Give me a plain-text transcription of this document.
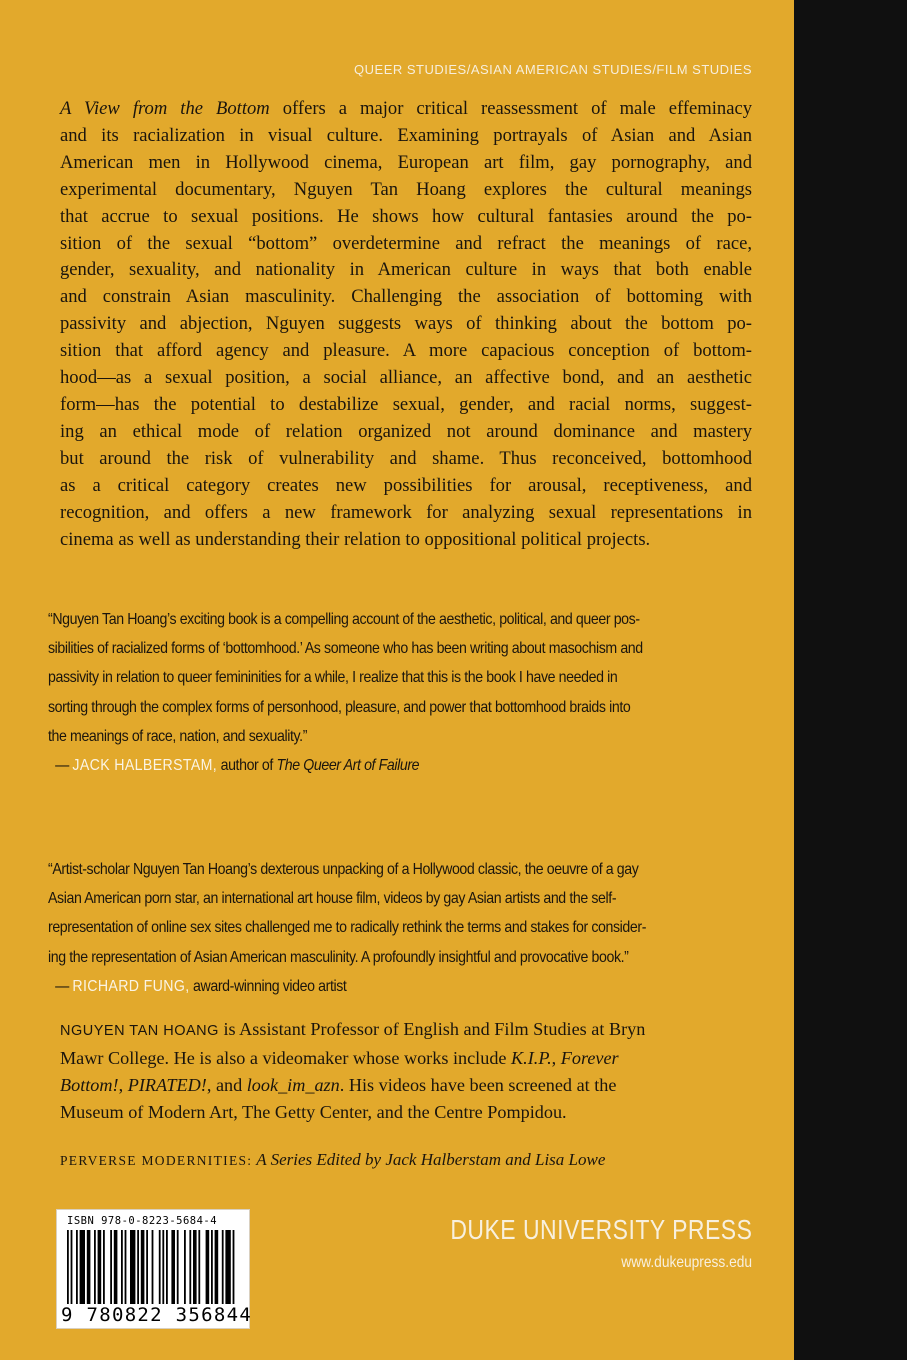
QUEER STUDIES/ASIAN AMERICAN STUDIES/FILM STUDIES
A View from the Bottom offers a major critical reassessment of male effeminacy
and its racialization in visual culture. Examining portrayals of Asian and Asian
American men in Hollywood cinema, European art film, gay pornography, and
experimental documentary, Nguyen Tan Hoang explores the cultural meanings
that accrue to sexual positions. He shows how cultural fantasies around the po-
sition of the sexual “bottom” overdetermine and refract the meanings of race,
gender, sexuality, and nationality in American culture in ways that both enable
and constrain Asian masculinity. Challenging the association of bottoming with
passivity and abjection, Nguyen suggests ways of thinking about the bottom po-
sition that afford agency and pleasure. A more capacious conception of bottom-
hood—as a sexual position, a social alliance, an affective bond, and an aesthetic
form—has the potential to destabilize sexual, gender, and racial norms, suggest-
ing an ethical mode of relation organized not around dominance and mastery
but around the risk of vulnerability and shame. Thus reconceived, bottomhood
as a critical category creates new possibilities for arousal, receptiveness, and
recognition, and offers a new framework for analyzing sexual representations in
cinema as well as understanding their relation to oppositional political projects.
“Nguyen Tan Hoang’s exciting book is a compelling account of the aesthetic, political, and queer pos-
sibilities of racialized forms of ‘bottomhood.’ As someone who has been writing about masochism and
passivity in relation to queer femininities for a while, I realize that this is the book I have needed in
sorting through the complex forms of personhood, pleasure, and power that bottomhood braids into
the meanings of race, nation, and sexuality.”
— JACK HALBERSTAM, author of The Queer Art of Failure
“Artist-scholar Nguyen Tan Hoang’s dexterous unpacking of a Hollywood classic, the oeuvre of a gay
Asian American porn star, an international art house film, videos by gay Asian artists and the self-
representation of online sex sites challenged me to radically rethink the terms and stakes for consider-
ing the representation of Asian American masculinity. A profoundly insightful and provocative book.”
— RICHARD FUNG, award-winning video artist
NGUYEN TAN HOANG is Assistant Professor of English and Film Studies at Bryn
Mawr College. He is also a videomaker whose works include K.I.P., Forever
Bottom!, PIRATED!, and look_im_azn. His videos have been screened at the
Museum of Modern Art, The Getty Center, and the Centre Pompidou.
PERVERSE MODERNITIES: A Series Edited by Jack Halberstam and Lisa Lowe
ISBN 978-0-8223-5684-4
9 780822 356844
DUKE UNIVERSITY PRESS
www.dukeupress.edu
